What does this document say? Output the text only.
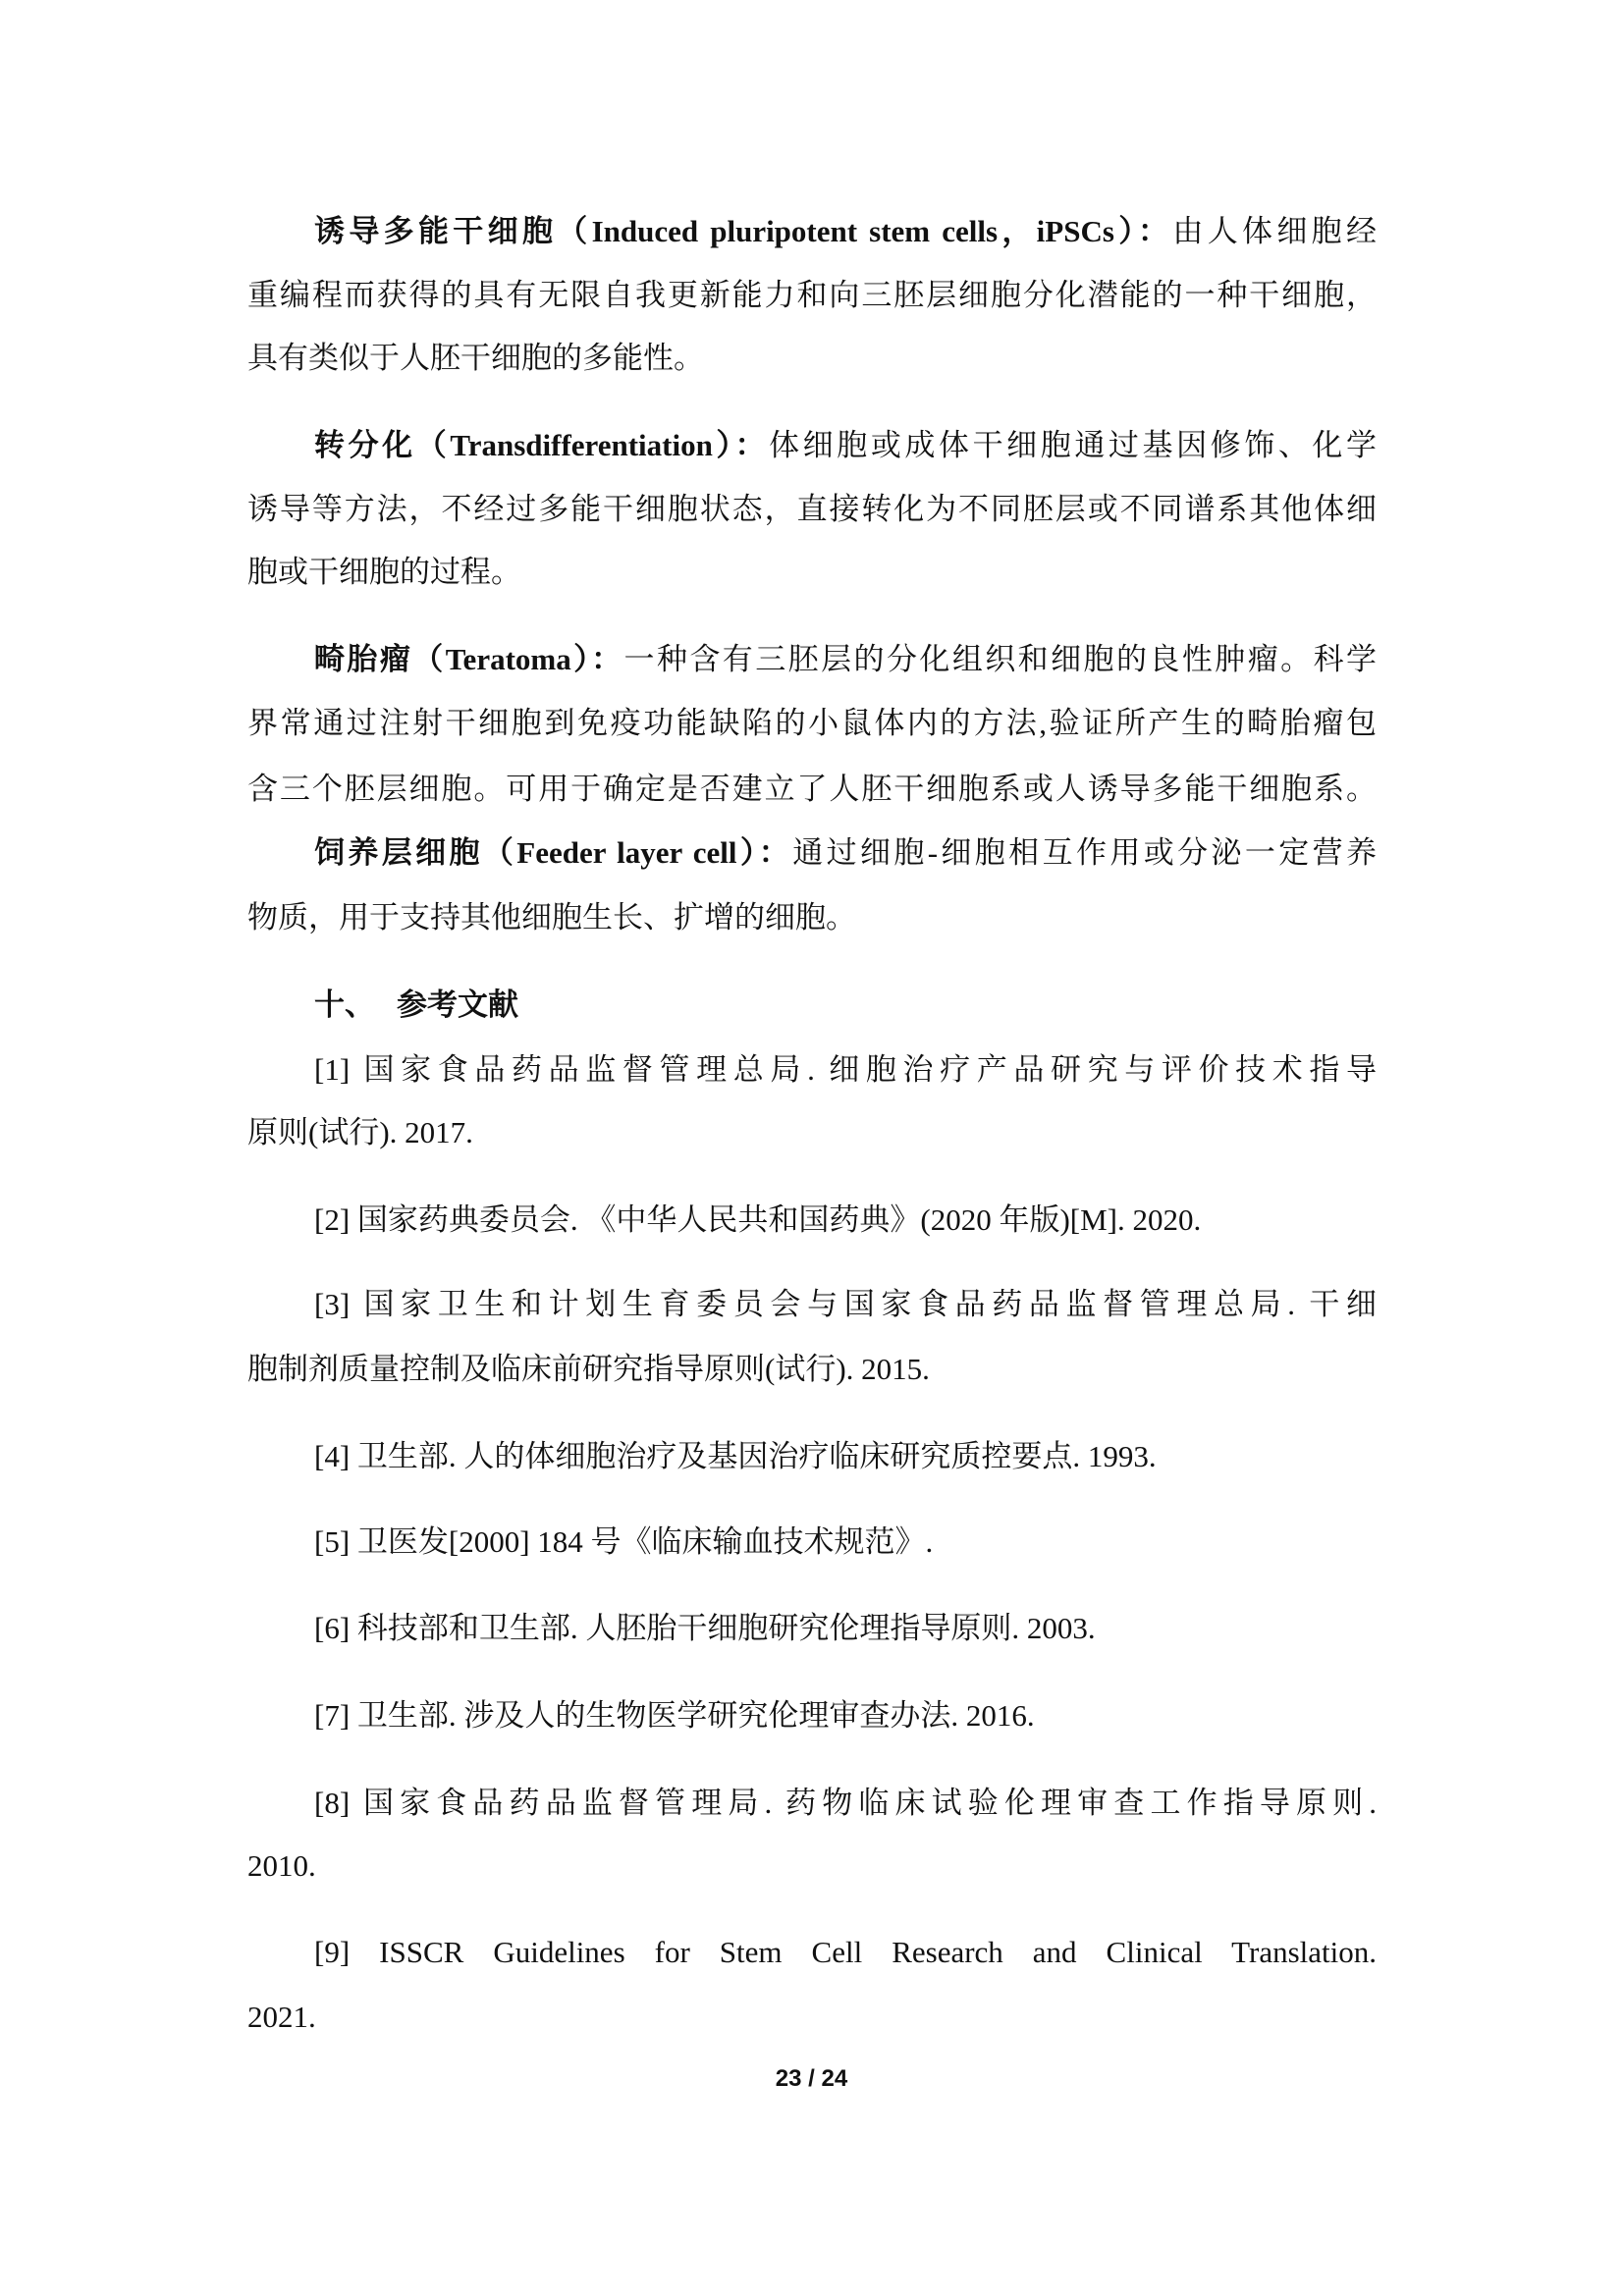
诱导多能干细胞（Induced pluripotent stem cells，iPSCs）：由人体细胞经
重编程而获得的具有无限自我更新能力和向三胚层细胞分化潜能的一种干细胞，
具有类似于人胚干细胞的多能性。
转分化（Transdifferentiation）：体细胞或成体干细胞通过基因修饰、化学
诱导等方法，不经过多能干细胞状态，直接转化为不同胚层或不同谱系其他体细
胞或干细胞的过程。
畸胎瘤（Teratoma）：一种含有三胚层的分化组织和细胞的良性肿瘤。科学
界常通过注射干细胞到免疫功能缺陷的小鼠体内的方法,验证所产生的畸胎瘤包
含三个胚层细胞。可用于确定是否建立了人胚干细胞系或人诱导多能干细胞系。
饲养层细胞（Feeder layer cell）：通过细胞-细胞相互作用或分泌一定营养
物质，用于支持其他细胞生长、扩增的细胞。
十、 参考文献
[1] 国家食品药品监督管理总局. 细胞治疗产品研究与评价技术指导
原则(试行). 2017.
[2] 国家药典委员会. 《中华人民共和国药典》(2020 年版)[M]. 2020.
[3] 国家卫生和计划生育委员会与国家食品药品监督管理总局. 干细
胞制剂质量控制及临床前研究指导原则(试行). 2015.
[4] 卫生部. 人的体细胞治疗及基因治疗临床研究质控要点. 1993.
[5] 卫医发[2000] 184 号《临床输血技术规范》.
[6] 科技部和卫生部. 人胚胎干细胞研究伦理指导原则. 2003.
[7] 卫生部. 涉及人的生物医学研究伦理审查办法. 2016.
[8] 国家食品药品监督管理局. 药物临床试验伦理审查工作指导原则.
2010.
[9] ISSCR Guidelines for Stem Cell Research and Clinical Translation.
2021.
23 / 24
